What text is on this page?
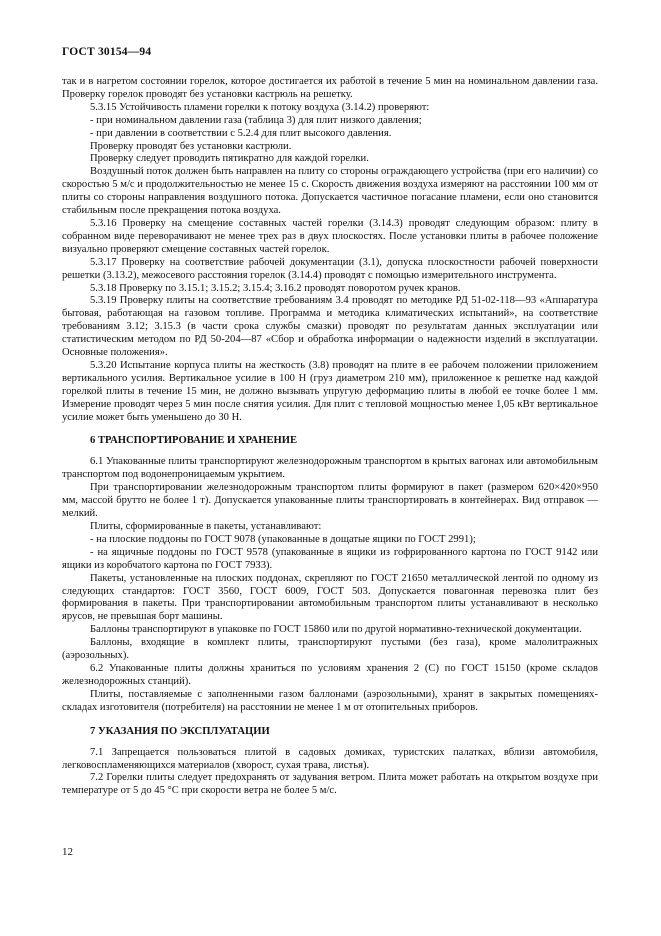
ГОСТ 30154—94

так и в нагретом состоянии горелок, которое достигается их работой в течение 5 мин на номинальном давлении газа. Проверку горелок проводят без установки кастрюль на решетку.

5.3.15 Устойчивость пламени горелки к потоку воздуха (3.14.2) проверяют:

- при номинальном давлении газа (таблица 3) для плит низкого давления;

- при давлении в соответствии с 5.2.4 для плит высокого давления.

Проверку проводят без установки кастрюли.

Проверку следует проводить пятикратно для каждой горелки.

Воздушный поток должен быть направлен на плиту со стороны ограждающего устройства (при его наличии) со скоростью 5 м/с и продолжительностью не менее 15 с. Скорость движения воздуха измеряют на расстоянии 100 мм от плиты со стороны направления воздушного потока. Допускается частичное погасание пламени, если оно становится стабильным после прекращения потока воздуха.

5.3.16 Проверку на смещение составных частей горелки (3.14.3) проводят следующим образом: плиту в собранном виде переворачивают не менее трех раз в двух плоскостях. После установки плиты в рабочее положение визуально проверяют смещение составных частей горелок.

5.3.17 Проверку на соответствие рабочей документации (3.1), допуска плоскостности рабочей поверхности решетки (3.13.2), межосевого расстояния горелок (3.14.4) проводят с помощью измерительного инструмента.

5.3.18 Проверку по 3.15.1; 3.15.2; 3.15.4; 3.16.2 проводят поворотом ручек кранов.

5.3.19 Проверку плиты на соответствие требованиям 3.4 проводят по методике РД 51-02-118—93 «Аппаратура бытовая, работающая на газовом топливе. Программа и методика климатических испытаний», на соответствие требованиям 3.12; 3.15.3 (в части срока службы смазки) проводят по результатам данных эксплуатации или статистическим методом по РД 50-204—87 «Сбор и обработка информации о надежности изделий в эксплуатации. Основные положения».

5.3.20 Испытание корпуса плиты на жесткость (3.8) проводят на плите в ее рабочем положении приложением вертикального усилия. Вертикальное усилие в 100 Н (груз диаметром 210 мм), приложенное к решетке над каждой горелкой плиты в течение 15 мин, не должно вызывать упругую деформацию плиты в любой ее точке более 1 мм. Измерение проводят через 5 мин после снятия усилия. Для плит с тепловой мощностью менее 1,05 кВт вертикальное усилие может быть уменьшено до 30 Н.

6 ТРАНСПОРТИРОВАНИЕ И ХРАНЕНИЕ

6.1 Упакованные плиты транспортируют железнодорожным транспортом в крытых вагонах или автомобильным транспортом под водонепроницаемым укрытием.

При транспортировании железнодорожным транспортом плиты формируют в пакет (размером 620×420×950 мм, массой брутто не более 1 т). Допускается упакованные плиты транспортировать в контейнерах. Вид отправок — мелкий.

Плиты, сформированные в пакеты, устанавливают:

- на плоские поддоны по ГОСТ 9078 (упакованные в дощатые ящики по ГОСТ 2991);

- на ящичные поддоны по ГОСТ 9578 (упакованные в ящики из гофрированного картона по ГОСТ 9142 или ящики из коробчатого картона по ГОСТ 7933).

Пакеты, установленные на плоских поддонах, скрепляют по ГОСТ 21650 металлической лентой по одному из следующих стандартов: ГОСТ 3560, ГОСТ 6009, ГОСТ 503. Допускается повагонная перевозка плит без формирования в пакеты. При транспортировании автомобильным транспортом плиты устанавливают в несколько ярусов, не превышая борт машины.

Баллоны транспортируют в упаковке по ГОСТ 15860 или по другой нормативно-технической документации.

Баллоны, входящие в комплект плиты, транспортируют пустыми (без газа), кроме малолитражных (аэрозольных).

6.2 Упакованные плиты должны храниться по условиям хранения 2 (С) по ГОСТ 15150 (кроме складов железнодорожных станций).

Плиты, поставляемые с заполненными газом баллонами (аэрозольными), хранят в закрытых помещениях-складах изготовителя (потребителя) на расстоянии не менее 1 м от отопительных приборов.

7 УКАЗАНИЯ ПО ЭКСПЛУАТАЦИИ

7.1 Запрещается пользоваться плитой в садовых домиках, туристских палатках, вблизи автомобиля, легковоспламеняющихся материалов (хворост, сухая трава, листья).

7.2 Горелки плиты следует предохранять от задувания ветром. Плита может работать на открытом воздухе при температуре от 5 до 45 °С при скорости ветра не более 5 м/с.

12
